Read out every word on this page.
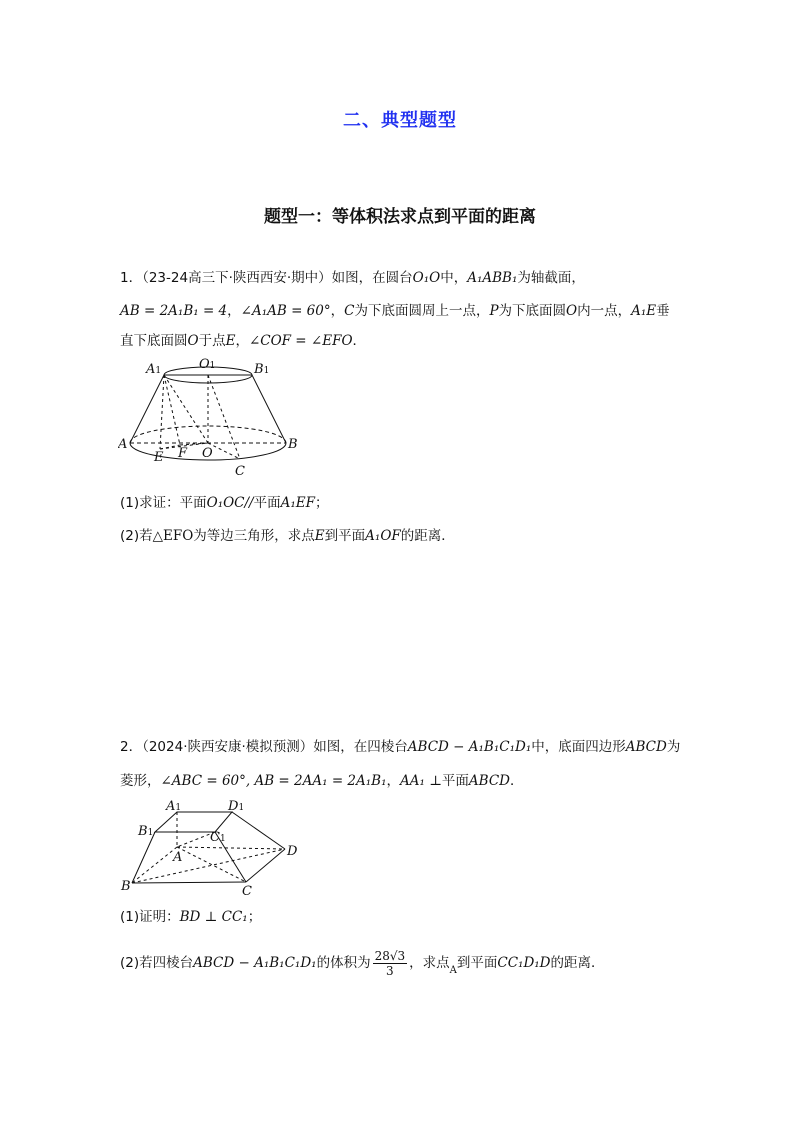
二、典型题型
题型一：等体积法求点到平面的距离
1．（23-24高三下·陕西西安·期中）如图，在圆台O₁O中，A₁ABB₁为轴截面，
AB = 2A₁B₁ = 4，∠A₁AB = 60°，C为下底面圆周上一点，P为下底面圆O内一点，A₁E垂
直下底面圆O于点E，∠COF = ∠EFO．
A1	O1	B1
A
E F O
B
C
(1)求证：平面O₁OC//平面A₁EF；
(2)若△EFO为等边三角形，求点E到平面A₁OF的距离．
2．（2024·陕西安康·模拟预测）如图，在四棱台ABCD − A₁B₁C₁D₁中，底面四边形ABCD为
菱形，∠ABC = 60°, AB = 2AA₁ = 2A₁B₁，AA₁ ⊥平面ABCD．
A1	D1
B1	C1
A	D
B	C
(1)证明：BD ⊥ CC₁；
(2)若四棱台ABCD − A₁B₁C₁D₁的体积为 $\frac{28√3}{3}$ ，求点$_A$到平面CC₁D₁D的距离．
